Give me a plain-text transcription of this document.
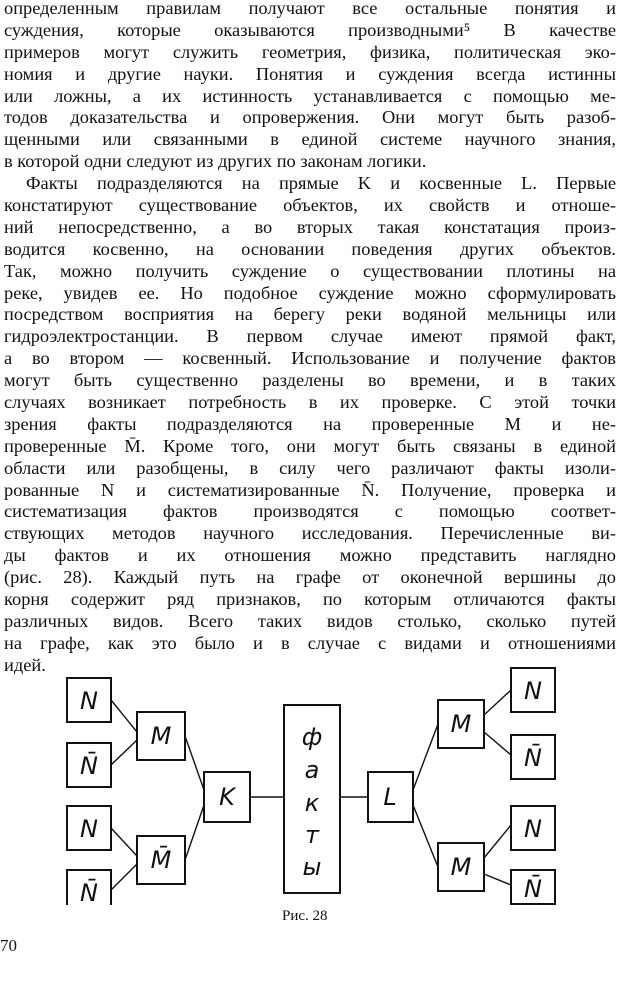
определенным правилам получают все остальные понятия и
суждения, которые оказываются производными⁵ В качестве
примеров могут служить геометрия, физика, политическая эко-
номия и другие науки. Понятия и суждения всегда истинны
или ложны, а их истинность устанавливается с помощью ме-
тодов доказательства и опровержения. Они могут быть разоб-
щенными или связанными в единой системе научного знания,
в которой одни следуют из других по законам логики.
Факты подразделяются на прямые K и косвенные L. Первые
констатируют существование объектов, их свойств и отноше-
ний непосредственно, а во вторых такая констатация произ-
водится косвенно, на основании поведения других объектов.
Так, можно получить суждение о существовании плотины на
реке, увидев ее. Но подобное суждение можно сформулировать
посредством восприятия на берегу реки водяной мельницы или
гидроэлектростанции. В первом случае имеют прямой факт,
а во втором — косвенный. Использование и получение фактов
могут быть существенно разделены во времени, и в таких
случаях возникает потребность в их проверке. С этой точки
зрения факты подразделяются на проверенные M и не-
проверенные M̄. Кроме того, они могут быть связаны в единой
области или разобщены, в силу чего различают факты изоли-
рованные N и систематизированные N̄. Получение, проверка и
систематизация фактов производятся с помощью соответ-
ствующих методов научного исследования. Перечисленные ви-
ды фактов и их отношения можно представить наглядно
(рис. 28). Каждый путь на графе от оконечной вершины до
корня содержит ряд признаков, по которым отличаются факты
различных видов. Всего таких видов столько, сколько путей
на графе, как это было и в случае с видами и отношениями
идей.
N
N̄
N
N̄
M
M̄
K
ф
а
к
т
ы
L
M
M
N
N̄
N
N̄
Рис. 28
70
